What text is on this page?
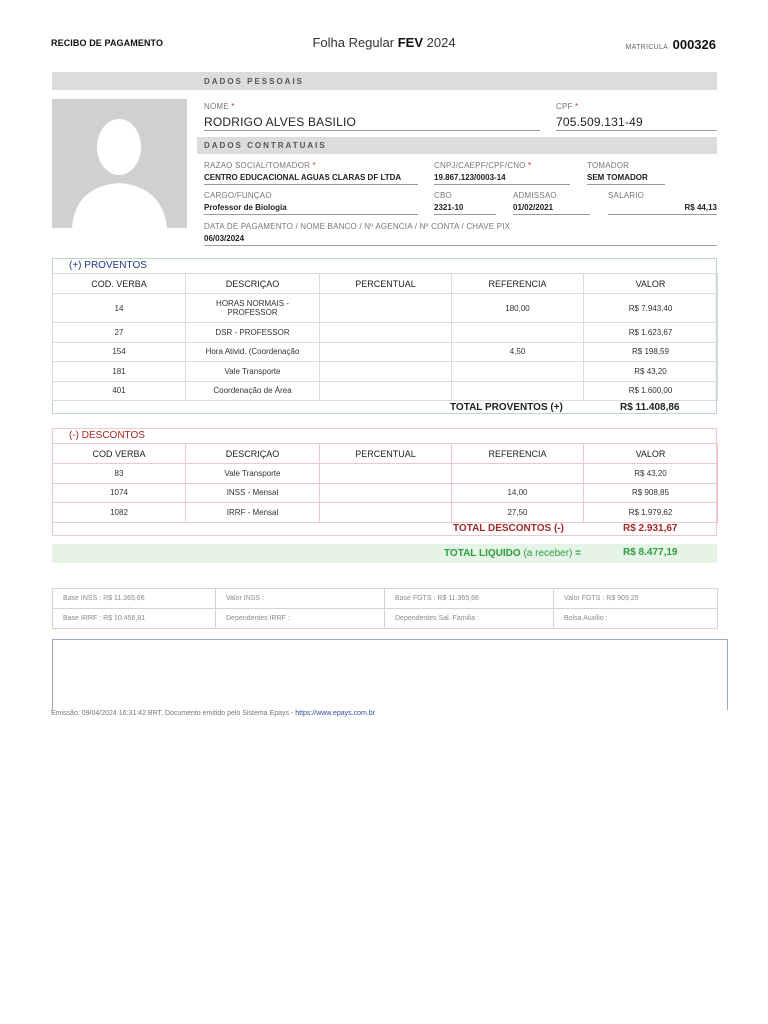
RECIBO DE PAGAMENTO	Folha Regular FEV 2024	MATRICULA 000326
DADOS PESSOAIS
NOME *
RODRIGO ALVES BASILIO
CPF *
705.509.131-49
DADOS CONTRATUAIS
RAZAO SOCIAL/TOMADOR *
CENTRO EDUCACIONAL AGUAS CLARAS DF LTDA
CNPJ/CAEPF/CPF/CNO *
19.867.123/0003-14
TOMADOR
SEM TOMADOR
CARGO/FUNÇAO
Professor de Biologia
CBO
2321-10
ADMISSAO
01/02/2021
SALARIO
R$ 44,13
DATA DE PAGAMENTO / NOME BANCO / Nº AGENCIA / Nº CONTA / CHAVE PIX
06/03/2024
(+) PROVENTOS
COD. VERBA	DESCRIÇAO	PERCENTUAL	REFERENCIA	VALOR
14	HORAS NORMAIS - PROFESSOR		180,00	R$ 7.943,40
27	DSR - PROFESSOR			R$ 1.623,67
154	Hora Ativid. (Coordenação		4,50	R$ 198,59
181	Vale Transporte			R$ 43,20
401	Coordenação de Área			R$ 1.600,00
TOTAL PROVENTOS (+)	R$ 11.408,86
(-) DESCONTOS
COD VERBA	DESCRIÇAO	PERCENTUAL	REFERENCIA	VALOR
83	Vale Transporte			R$ 43,20
1074	INSS - Mensal		14,00	R$ 908,85
1082	IRRF - Mensal		27,50	R$ 1.979,62
TOTAL DESCONTOS (-)	R$ 2.931,67
TOTAL LIQUIDO (a receber) =	R$ 8.477,19
Base INSS : R$ 11.365,66	Valor INSS :	Base FGTS : R$ 11.365,66	Valor FGTS : R$ 909,25
Base IRRF : R$ 10.456,81	Dependentes IRRF :	Dependentes Sal. Familia :	Bolsa Auxilio :
Emissão: 09/04/2024 16:31:42 BRT, Documento emitido pelo Sistema Epays - https://www.epays.com.br
